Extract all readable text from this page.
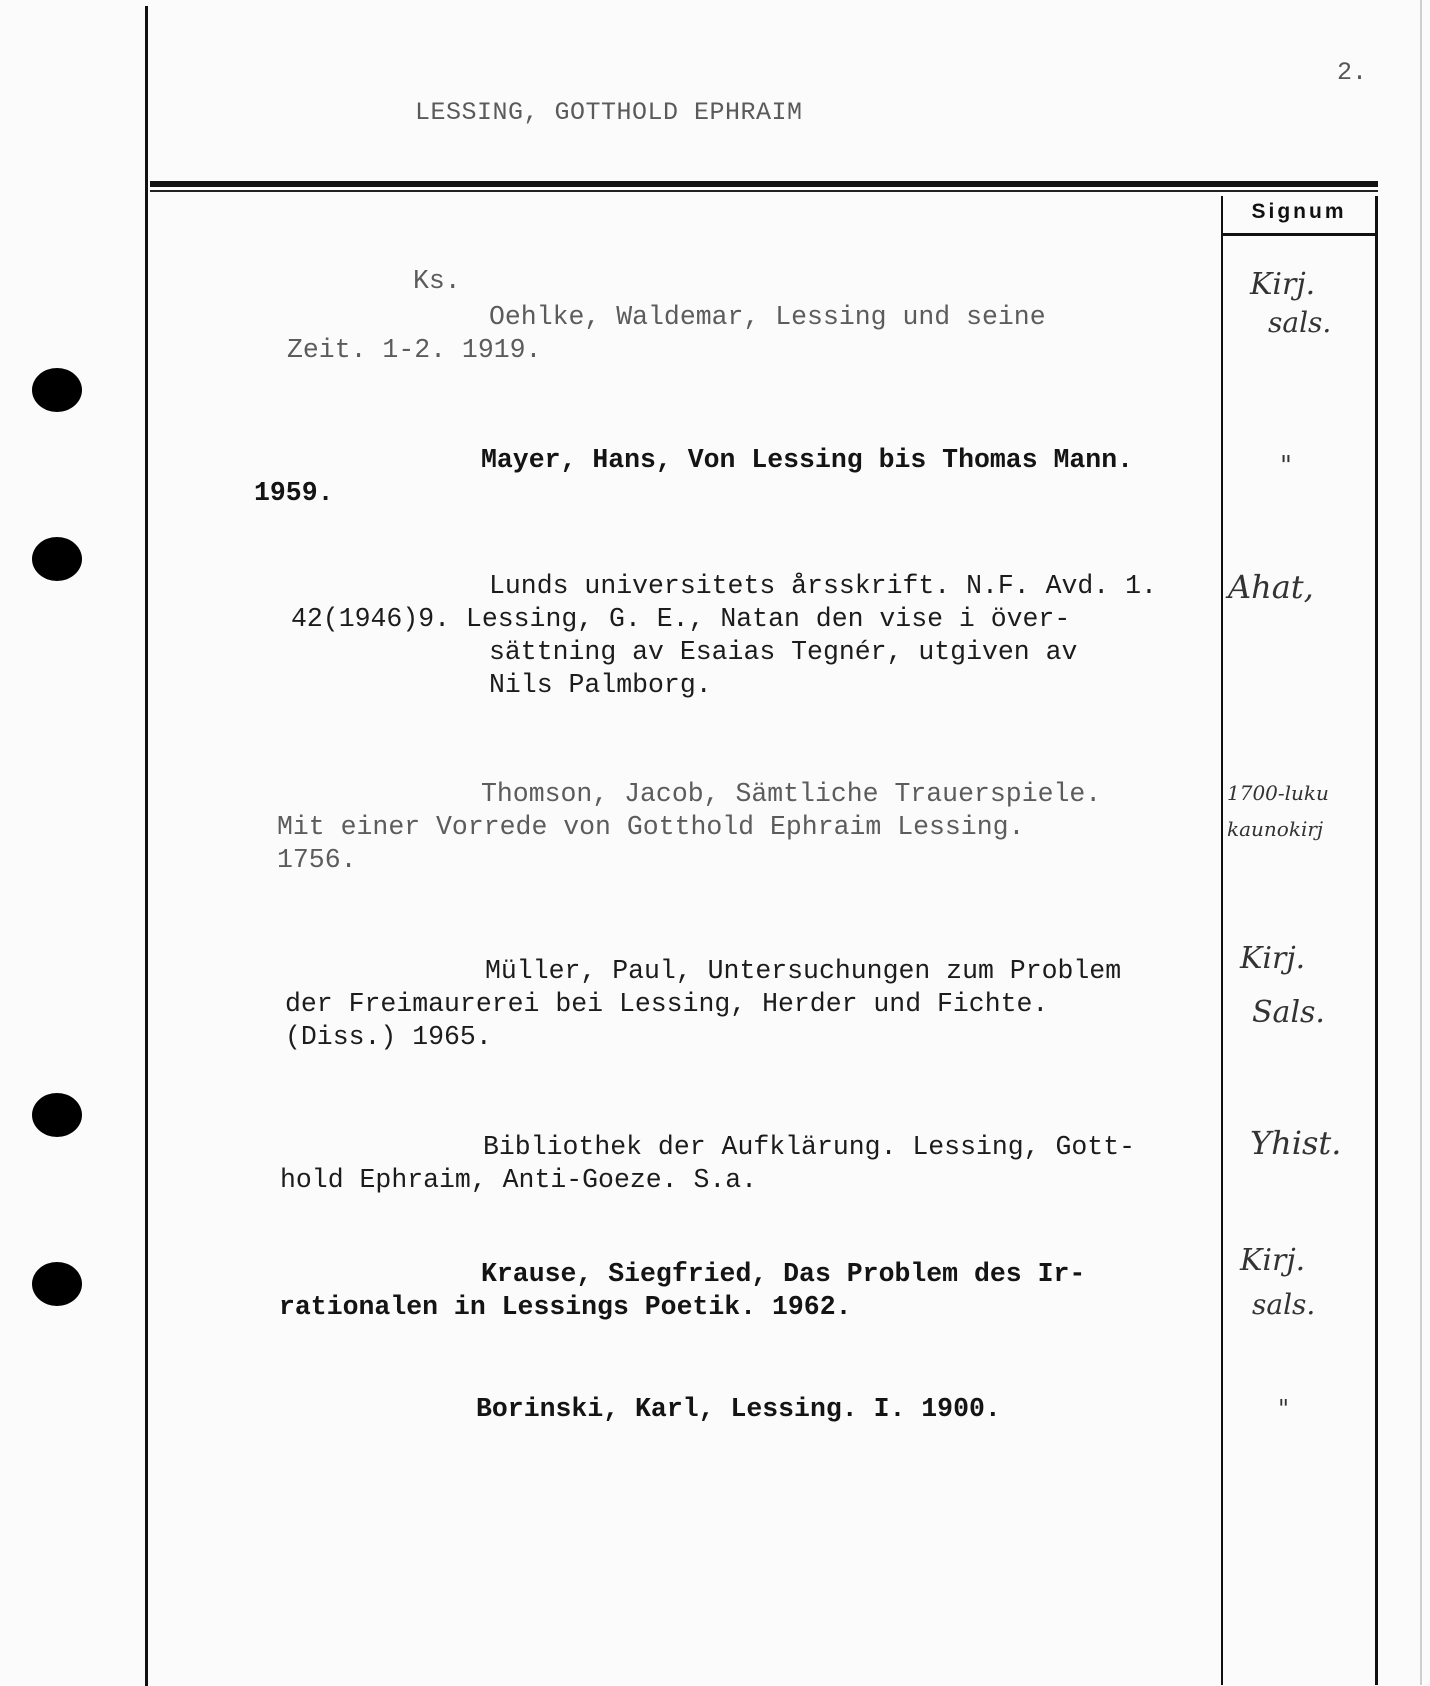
2.
LESSING, GOTTHOLD EPHRAIM
Signum
Ks.
Oehlke, Waldemar, Lessing und seine
Zeit. 1-2. 1919.
Kirj.
sals.
Mayer, Hans, Von Lessing bis Thomas Mann.
1959.
"
Lunds universitets årsskrift. N.F. Avd. 1.
42(1946)9. Lessing, G. E., Natan den vise i över-
sättning av Esaias Tegnér, utgiven av
Nils Palmborg.
Ahat,
Thomson, Jacob, Sämtliche Trauerspiele.
Mit einer Vorrede von Gotthold Ephraim Lessing.
1756.
1700-luku
kaunokirj
Müller, Paul, Untersuchungen zum Problem
der Freimaurerei bei Lessing, Herder und Fichte.
(Diss.) 1965.
Kirj.
Sals.
Bibliothek der Aufklärung. Lessing, Gott-
hold Ephraim, Anti-Goeze. S.a.
Yhist.
Krause, Siegfried, Das Problem des Ir-
rationalen in Lessings Poetik. 1962.
Kirj.
sals.
Borinski, Karl, Lessing. I. 1900.	"
